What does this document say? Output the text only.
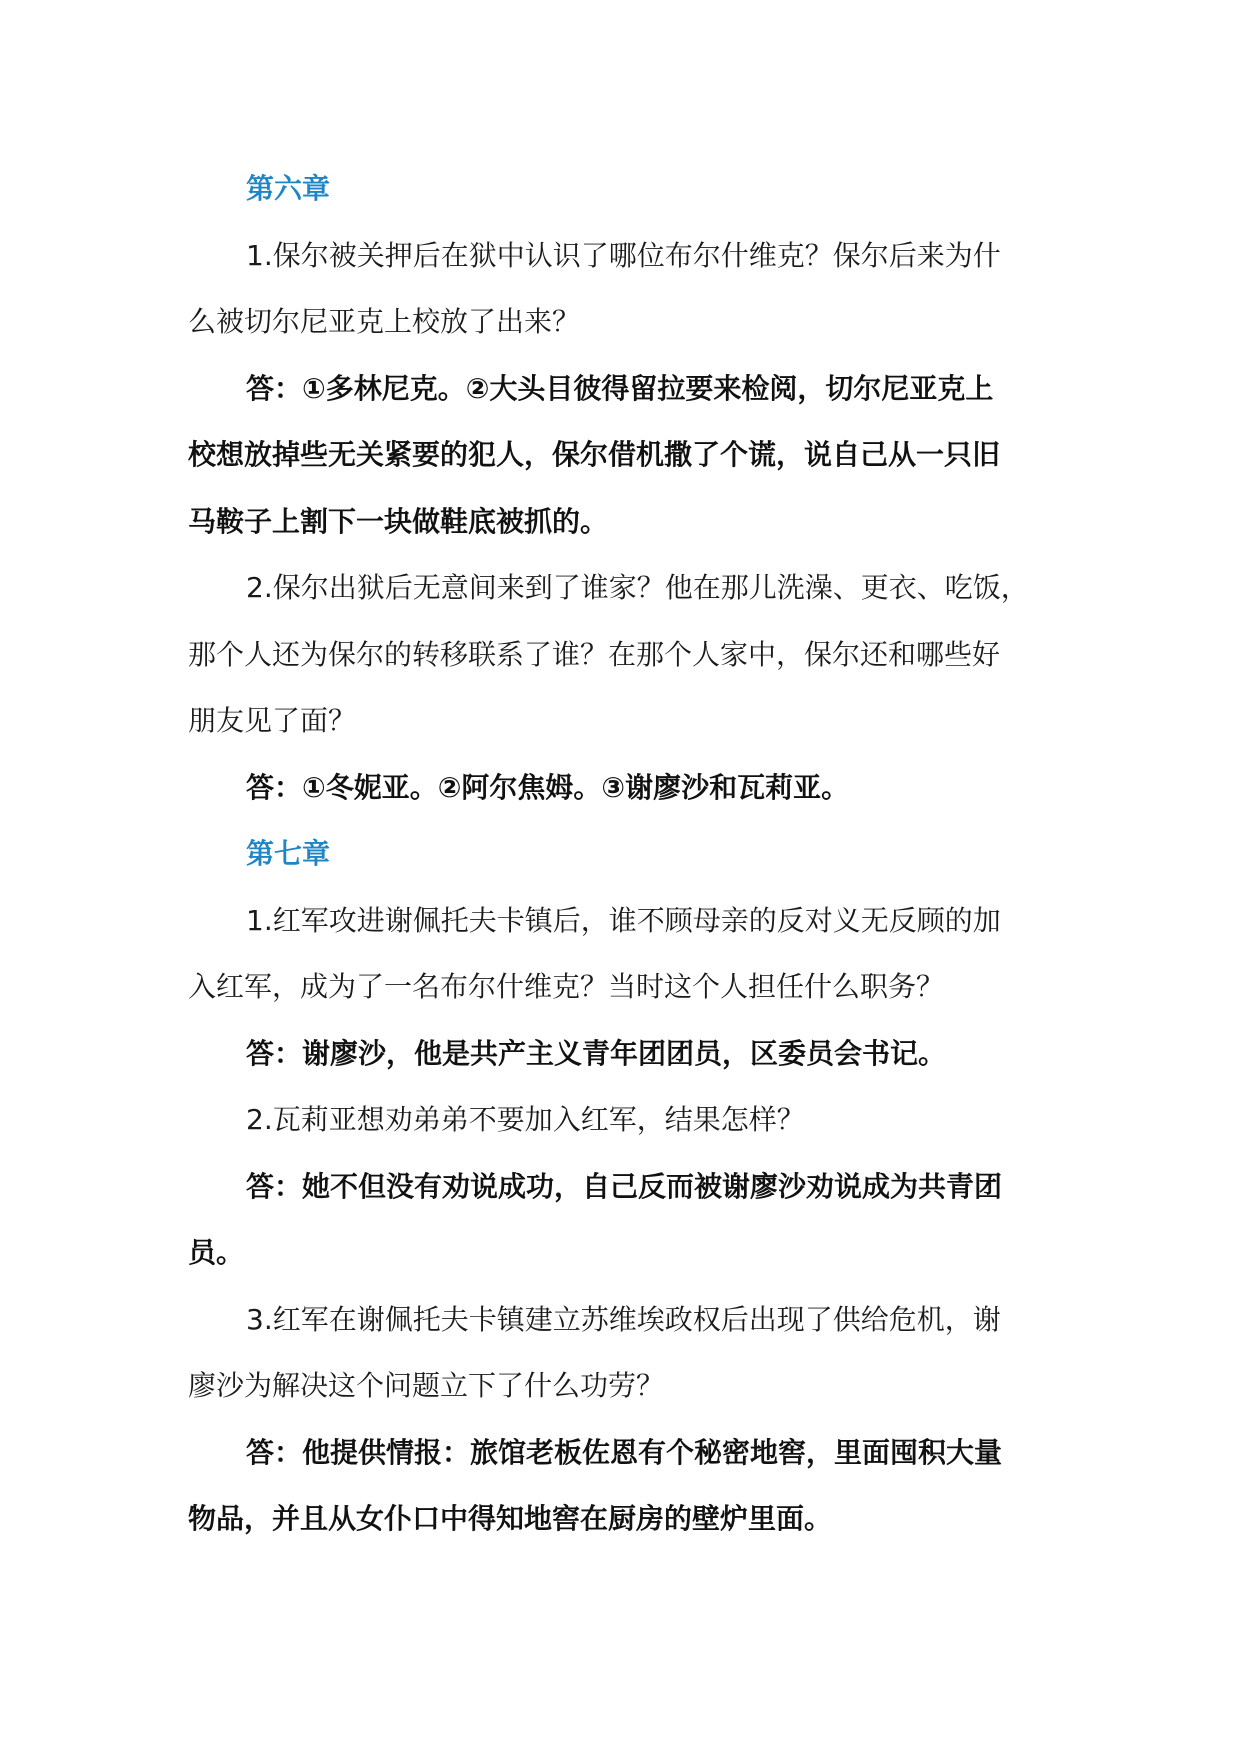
第六章
1.保尔被关押后在狱中认识了哪位布尔什维克？保尔后来为什
么被切尔尼亚克上校放了出来？
答：①多林尼克。②大头目彼得留拉要来检阅，切尔尼亚克上
校想放掉些无关紧要的犯人，保尔借机撒了个谎，说自己从一只旧
马鞍子上割下一块做鞋底被抓的。
2.保尔出狱后无意间来到了谁家？他在那儿洗澡、更衣、吃饭，
那个人还为保尔的转移联系了谁？在那个人家中，保尔还和哪些好
朋友见了面？
答：①冬妮亚。②阿尔焦姆。③谢廖沙和瓦莉亚。
第七章
1.红军攻进谢佩托夫卡镇后，谁不顾母亲的反对义无反顾的加
入红军，成为了一名布尔什维克？当时这个人担任什么职务？
答：谢廖沙，他是共产主义青年团团员，区委员会书记。
2.瓦莉亚想劝弟弟不要加入红军，结果怎样？
答：她不但没有劝说成功，自己反而被谢廖沙劝说成为共青团
员。
3.红军在谢佩托夫卡镇建立苏维埃政权后出现了供给危机，谢
廖沙为解决这个问题立下了什么功劳？
答：他提供情报：旅馆老板佐恩有个秘密地窖，里面囤积大量
物品，并且从女仆口中得知地窖在厨房的壁炉里面。
